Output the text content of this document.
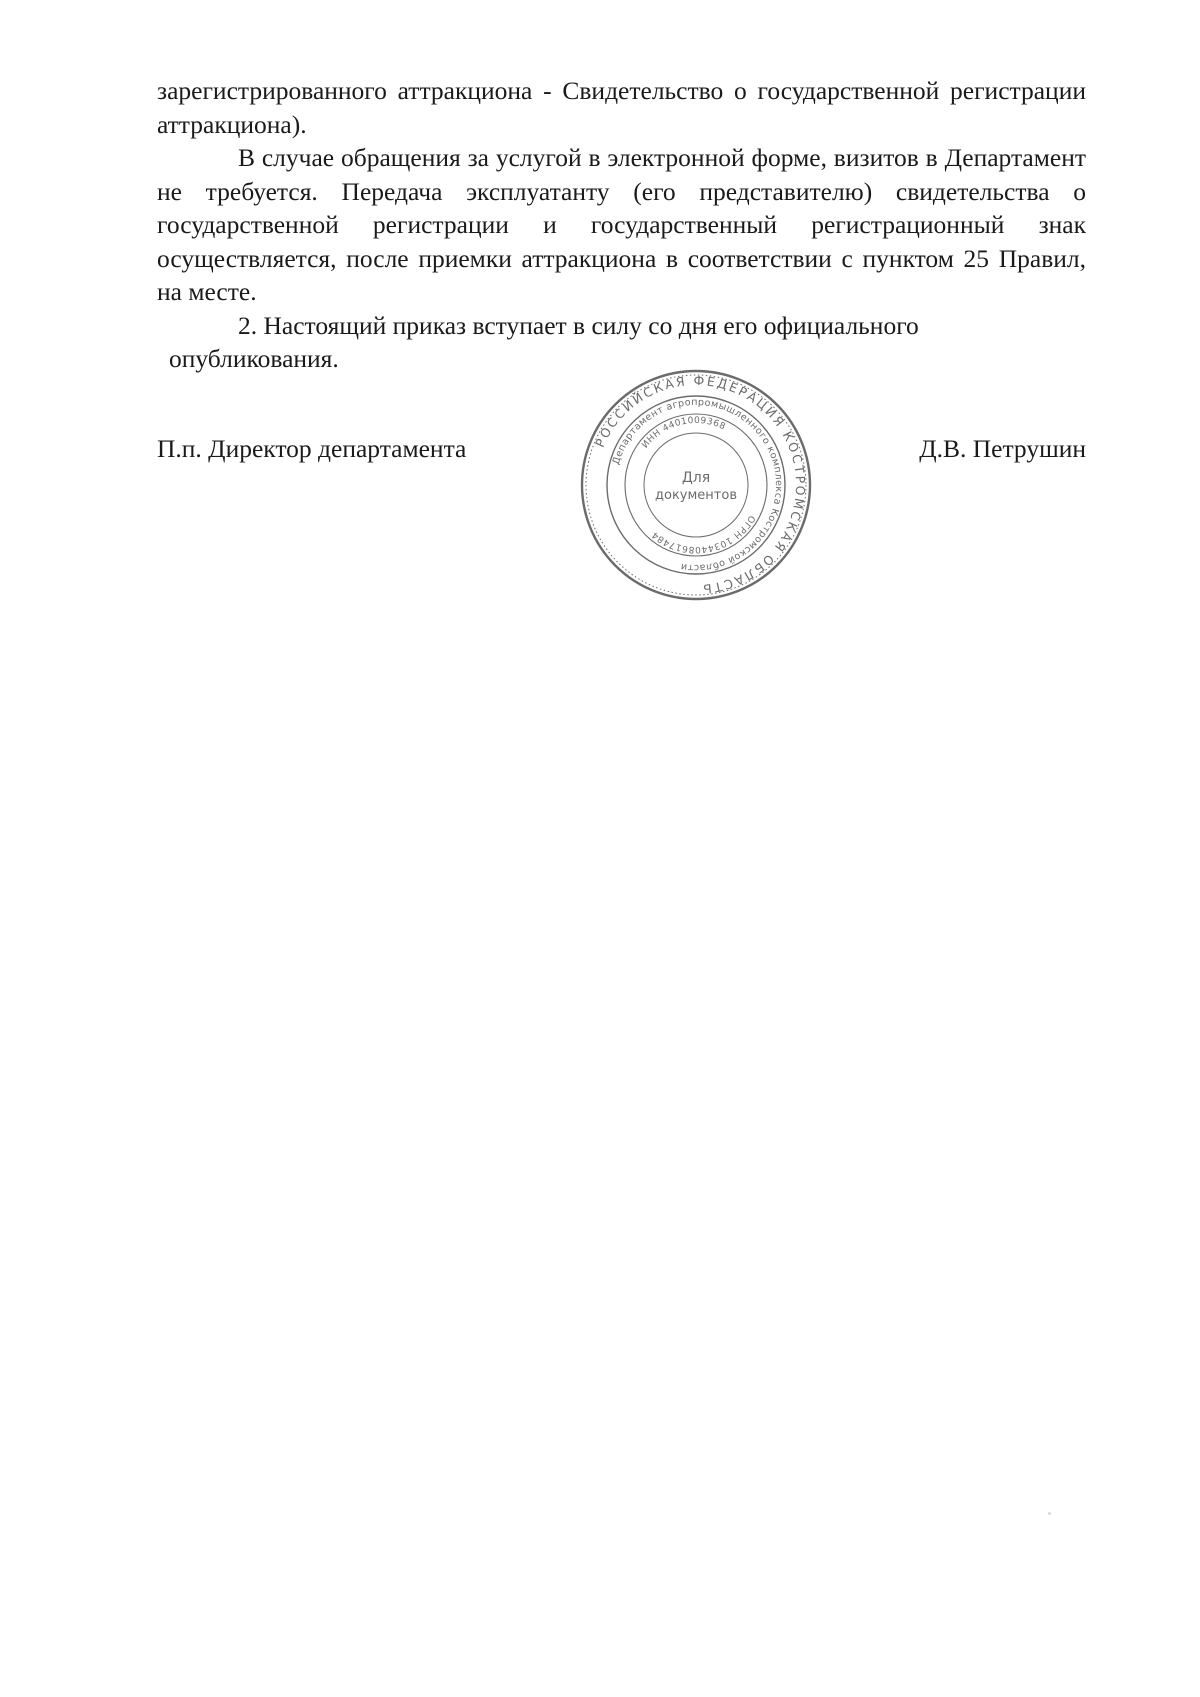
зарегистрированного аттракциона - Свидетельство о государственной регистрации аттракциона).

В случае обращения за услугой в электронной форме, визитов в Департамент не требуется. Передача эксплуатанту (его представителю) свидетельства о государственной регистрации и государственный регистрационный знак осуществляется, после приемки аттракциона в соответствии с пунктом 25 Правил, на месте.

2. Настоящий приказ вступает в силу со дня его официального

опубликования.

П.п. Директор департамента	РОССИЙСКАЯ ФЕДЕРАЦИЯ КОСТРОМСКАЯ ОБЛАСТЬ
Департамент агропромышленного комплекса Костромской области
ИНН 4401009368
ОГРН 1034408617484
Для
документов
Д.В. Петрушин
